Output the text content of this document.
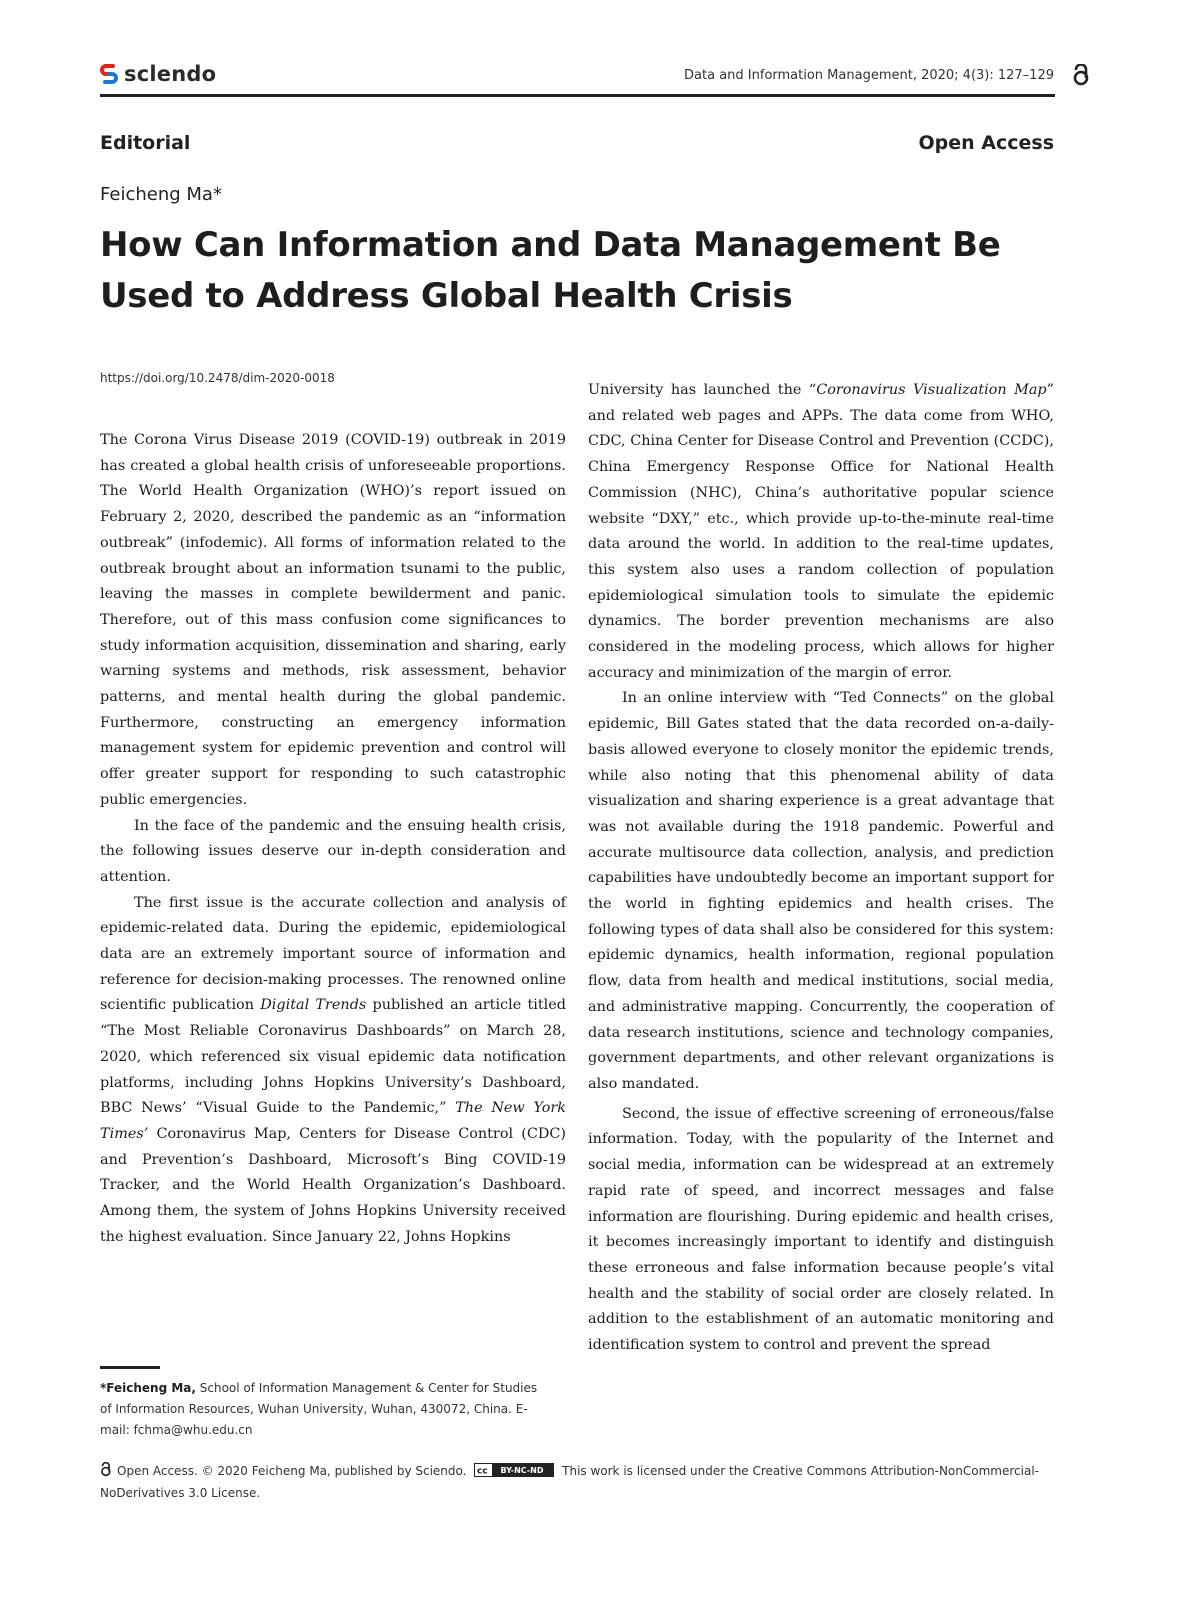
sclendo	Data and Information Management, 2020; 4(3): 127–129
Editorial	Open Access
Feicheng Ma*
How Can Information and Data Management Be
Used to Address Global Health Crisis
https://doi.org/10.2478/dim-2020-0018

The Corona Virus Disease 2019 (COVID-19) outbreak in 2019 has created a global health crisis of unforeseeable proportions. The World Health Organization (WHO)’s report issued on February 2, 2020, described the pandemic as an “information outbreak” (infodemic). All forms of information related to the outbreak brought about an information tsunami to the public, leaving the masses in complete bewilderment and panic. Therefore, out of this mass confusion come significances to study information acquisition, dissemination and sharing, early warning systems and methods, risk assessment, behavior patterns, and mental health during the global pandemic. Furthermore, constructing an emergency information management system for epidemic prevention and control will offer greater support for responding to such catastrophic public emergencies.

In the face of the pandemic and the ensuing health crisis, the following issues deserve our in-depth consideration and attention.

The first issue is the accurate collection and analysis of epidemic-related data. During the epidemic, epidemiological data are an extremely important source of information and reference for decision-making processes. The renowned online scientific publication Digital Trends published an article titled “The Most Reliable Coronavirus Dashboards” on March 28, 2020, which referenced six visual epidemic data notification platforms, including Johns Hopkins University’s Dashboard, BBC News’ “Visual Guide to the Pandemic,” The New York Times’ Coronavirus Map, Centers for Disease Control (CDC) and Prevention’s Dashboard, Microsoft’s Bing COVID-19 Tracker, and the World Health Organization’s Dashboard. Among them, the system of Johns Hopkins University received the highest evaluation. Since January 22, Johns Hopkins

University has launched the “Coronavirus Visualization Map” and related web pages and APPs. The data come from WHO, CDC, China Center for Disease Control and Prevention (CCDC), China Emergency Response Office for National Health Commission (NHC), China’s authoritative popular science website “DXY,” etc., which provide up-to-the-minute real-time data around the world. In addition to the real-time updates, this system also uses a random collection of population epidemiological simulation tools to simulate the epidemic dynamics. The border prevention mechanisms are also considered in the modeling process, which allows for higher accuracy and minimization of the margin of error.

In an online interview with “Ted Connects” on the global epidemic, Bill Gates stated that the data recorded on-a-daily-basis allowed everyone to closely monitor the epidemic trends, while also noting that this phenomenal ability of data visualization and sharing experience is a great advantage that was not available during the 1918 pandemic. Powerful and accurate multisource data collection, analysis, and prediction capabilities have undoubtedly become an important support for the world in fighting epidemics and health crises. The following types of data shall also be considered for this system: epidemic dynamics, health information, regional population flow, data from health and medical institutions, social media, and administrative mapping. Concurrently, the cooperation of data research institutions, science and technology companies, government departments, and other relevant organizations is also mandated.

Second, the issue of effective screening of erroneous/false information. Today, with the popularity of the Internet and social media, information can be widespread at an extremely rapid rate of speed, and incorrect messages and false information are flourishing. During epidemic and health crises, it becomes increasingly important to identify and distinguish these erroneous and false information because people’s vital health and the stability of social order are closely related. In addition to the establishment of an automatic monitoring and identification system to control and prevent the spread

*Feicheng Ma, School of Information Management & Center for Studies of Information Resources, Wuhan University, Wuhan, 430072, China. E-mail: fchma@whu.edu.cn
Open Access. © 2020 Feicheng Ma, published by Sciendo. cc BY-NC-ND This work is licensed under the Creative Commons Attribution-NonCommercial-NoDerivatives 3.0 License.
